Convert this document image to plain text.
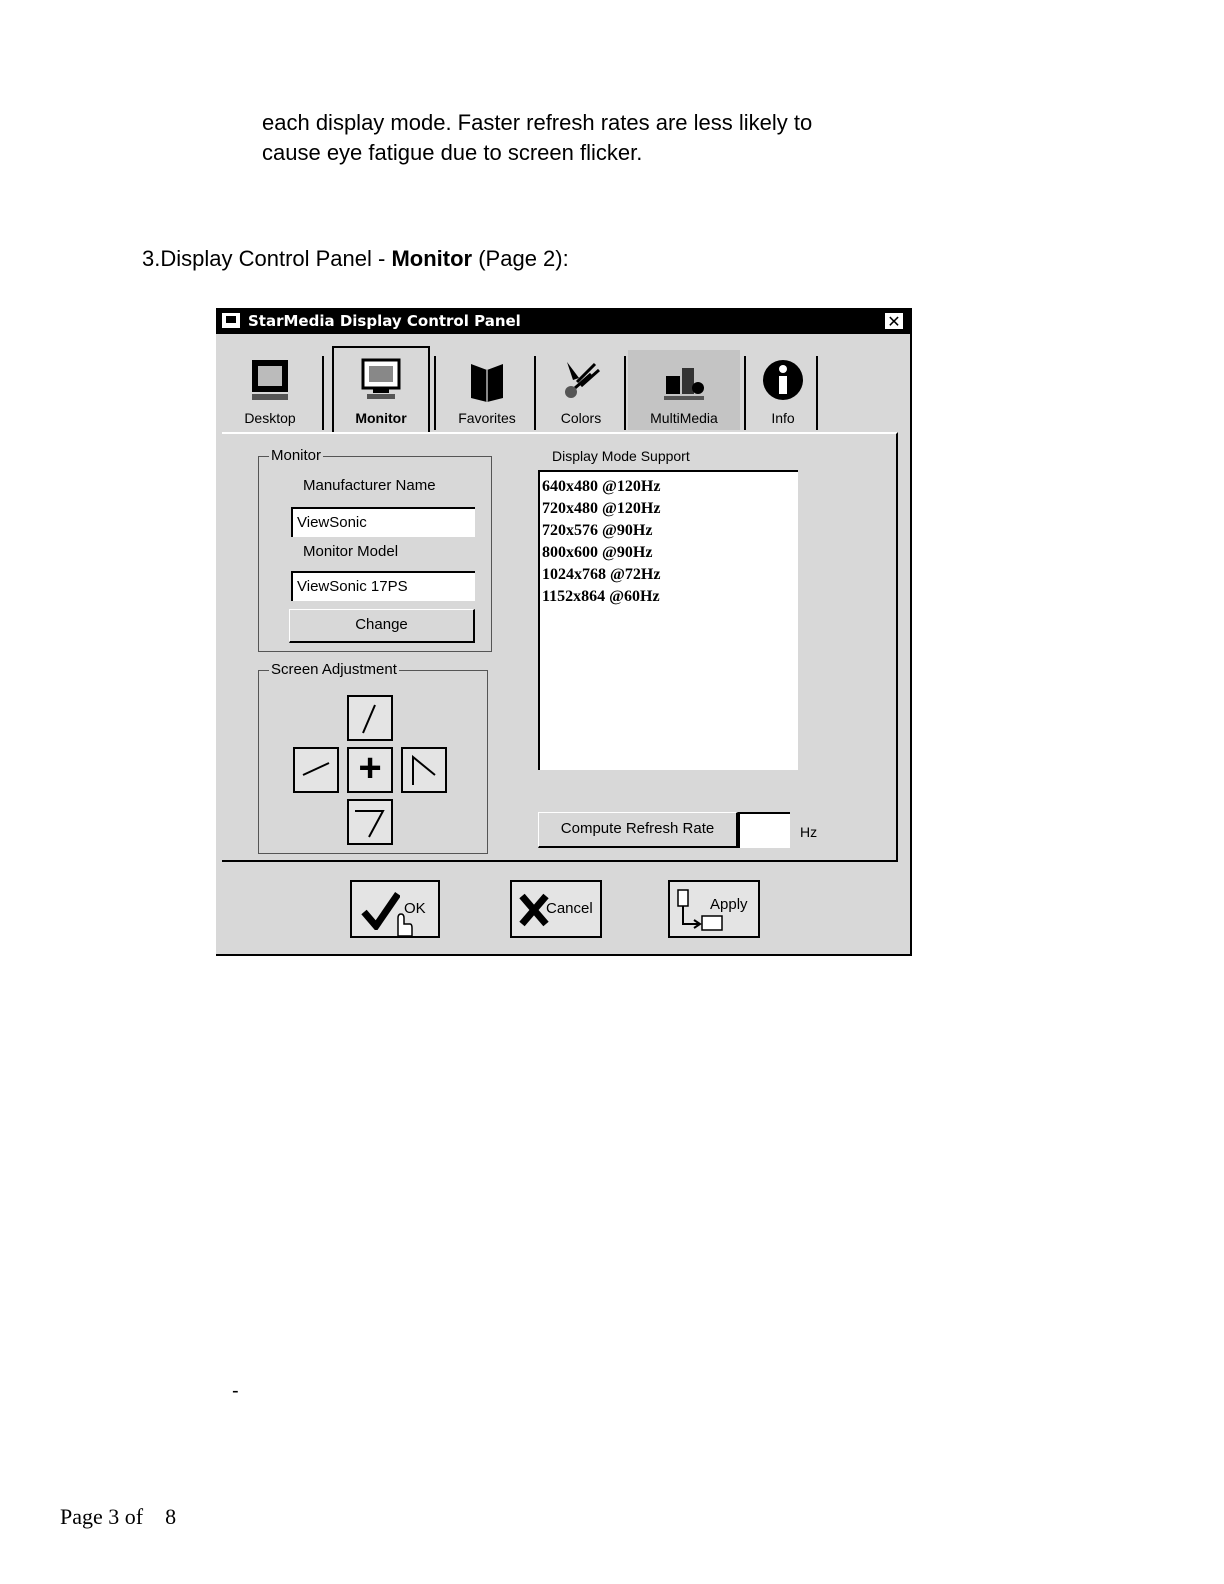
each display mode. Faster refresh rates are less likely to

cause eye fatigue due to screen flicker.

3.Display Control Panel - Monitor (Page 2):
StarMedia Display Control Panel	✕
Desktop	Monitor	Favorites	Colors	MultiMedia	Info
Monitor
Manufacturer Name
ViewSonic
Monitor Model
ViewSonic 17PS
Change
Screen Adjustment
+
Display Mode Support
640x480 @120Hz
720x480 @120Hz
720x576 @90Hz
800x600 @90Hz
1024x768 @72Hz
1152x864 @60Hz
Compute Refresh Rate	Hz
OK	Cancel	Apply
-
Page 3 of 8
